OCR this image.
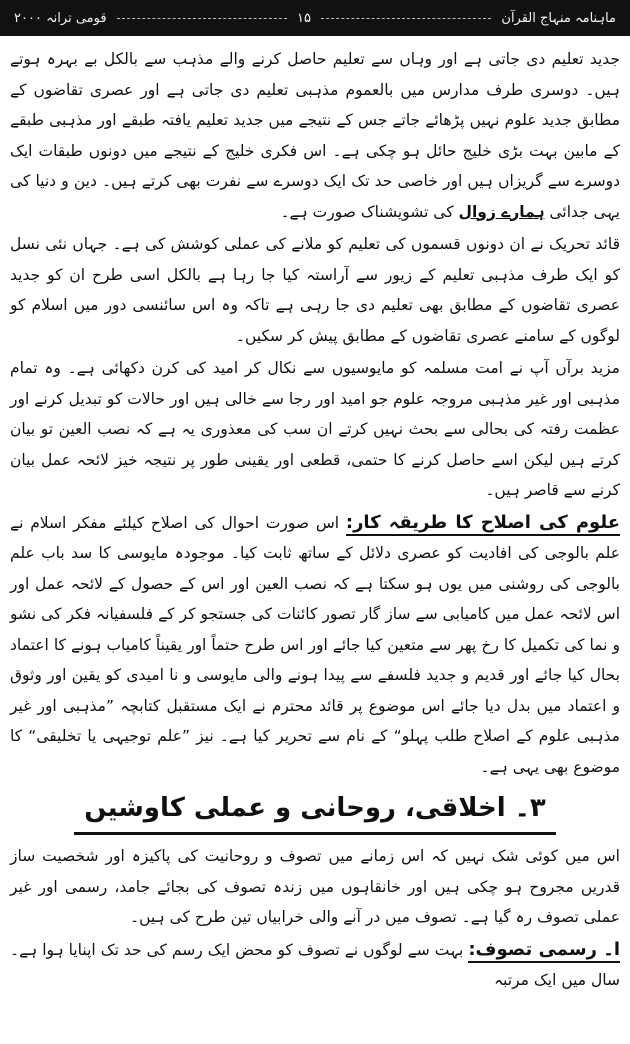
ماہنامہ منہاج القرآن
۱۵
قومی ترانہ ۲۰۰۰

جدید تعلیم دی جاتی ہے اور وہاں سے تعلیم حاصل کرنے والے مذہب سے بالکل بے بہرہ ہوتے ہیں۔ دوسری طرف مدارس میں بالعموم مذہبی تعلیم دی جاتی ہے اور عصری تقاضوں کے مطابق جدید علوم نہیں پڑھائے جاتے جس کے نتیجے میں جدید تعلیم یافتہ طبقے اور مذہبی طبقے کے مابین بہت بڑی خلیج حائل ہو چکی ہے۔ اس فکری خلیج کے نتیجے میں دونوں طبقات ایک دوسرے سے گریزاں ہیں اور خاصی حد تک ایک دوسرے سے نفرت بھی کرتے ہیں۔ دین و دنیا کی یہی جدائی ہمارے زوال کی تشویشناک صورت ہے۔

قائد تحریک نے ان دونوں قسموں کی تعلیم کو ملانے کی عملی کوشش کی ہے۔ جہاں نئی نسل کو ایک طرف مذہبی تعلیم کے زیور سے آراستہ کیا جا رہا ہے بالکل اسی طرح ان کو جدید عصری تقاضوں کے مطابق بھی تعلیم دی جا رہی ہے تاکہ وہ اس سائنسی دور میں اسلام کو لوگوں کے سامنے عصری تقاضوں کے مطابق پیش کر سکیں۔

مزید برآں آپ نے امت مسلمہ کو مایوسیوں سے نکال کر امید کی کرن دکھائی ہے۔ وہ تمام مذہبی اور غیر مذہبی مروجہ علوم جو امید اور رجا سے خالی ہیں اور حالات کو تبدیل کرنے اور عظمت رفتہ کی بحالی سے بحث نہیں کرتے ان سب کی معذوری یہ ہے کہ نصب العین تو بیان کرتے ہیں لیکن اسے حاصل کرنے کا حتمی، قطعی اور یقینی طور پر نتیجہ خیز لائحہ عمل بیان کرنے سے قاصر ہیں۔

علوم کی اصلاح کا طریقہ کار: اس صورت احوال کی اصلاح کیلئے مفکر اسلام نے علم بالوجی کی افادیت کو عصری دلائل کے ساتھ ثابت کیا۔ موجودہ مایوسی کا سد باب علم بالوجی کی روشنی میں یوں ہو سکتا ہے کہ نصب العین اور اس کے حصول کے لائحہ عمل اور اس لائحہ عمل میں کامیابی سے ساز گار تصور کائنات کی جستجو کر کے فلسفیانہ فکر کی نشو و نما کی تکمیل کا رخ پھر سے متعین کیا جائے اور اس طرح حتماً اور یقیناً کامیاب ہونے کا اعتماد بحال کیا جائے اور قدیم و جدید فلسفے سے پیدا ہونے والی مایوسی و نا امیدی کو یقین اور وثوق و اعتماد میں بدل دیا جائے اس موضوع پر قائد محترم نے ایک مستقبل کتابچہ ”مذہبی اور غیر مذہبی علوم کے اصلاح طلب پہلو“ کے نام سے تحریر کیا ہے۔ نیز ”علم توجیہی یا تخلیقی“ کا موضوع بھی یہی ہے۔

۳۔ اخلاقی، روحانی و عملی کاوشیں

اس میں کوئی شک نہیں کہ اس زمانے میں تصوف و روحانیت کی پاکیزہ اور شخصیت ساز قدریں مجروح ہو چکی ہیں اور خانقاہوں میں زندہ تصوف کی بجائے جامد، رسمی اور غیر عملی تصوف رہ گیا ہے۔ تصوف میں در آنے والی خرابیاں تین طرح کی ہیں۔

ا۔ رسمی تصوف: بہت سے لوگوں نے تصوف کو محض ایک رسم کی حد تک اپنایا ہوا ہے۔ سال میں ایک مرتبہ
